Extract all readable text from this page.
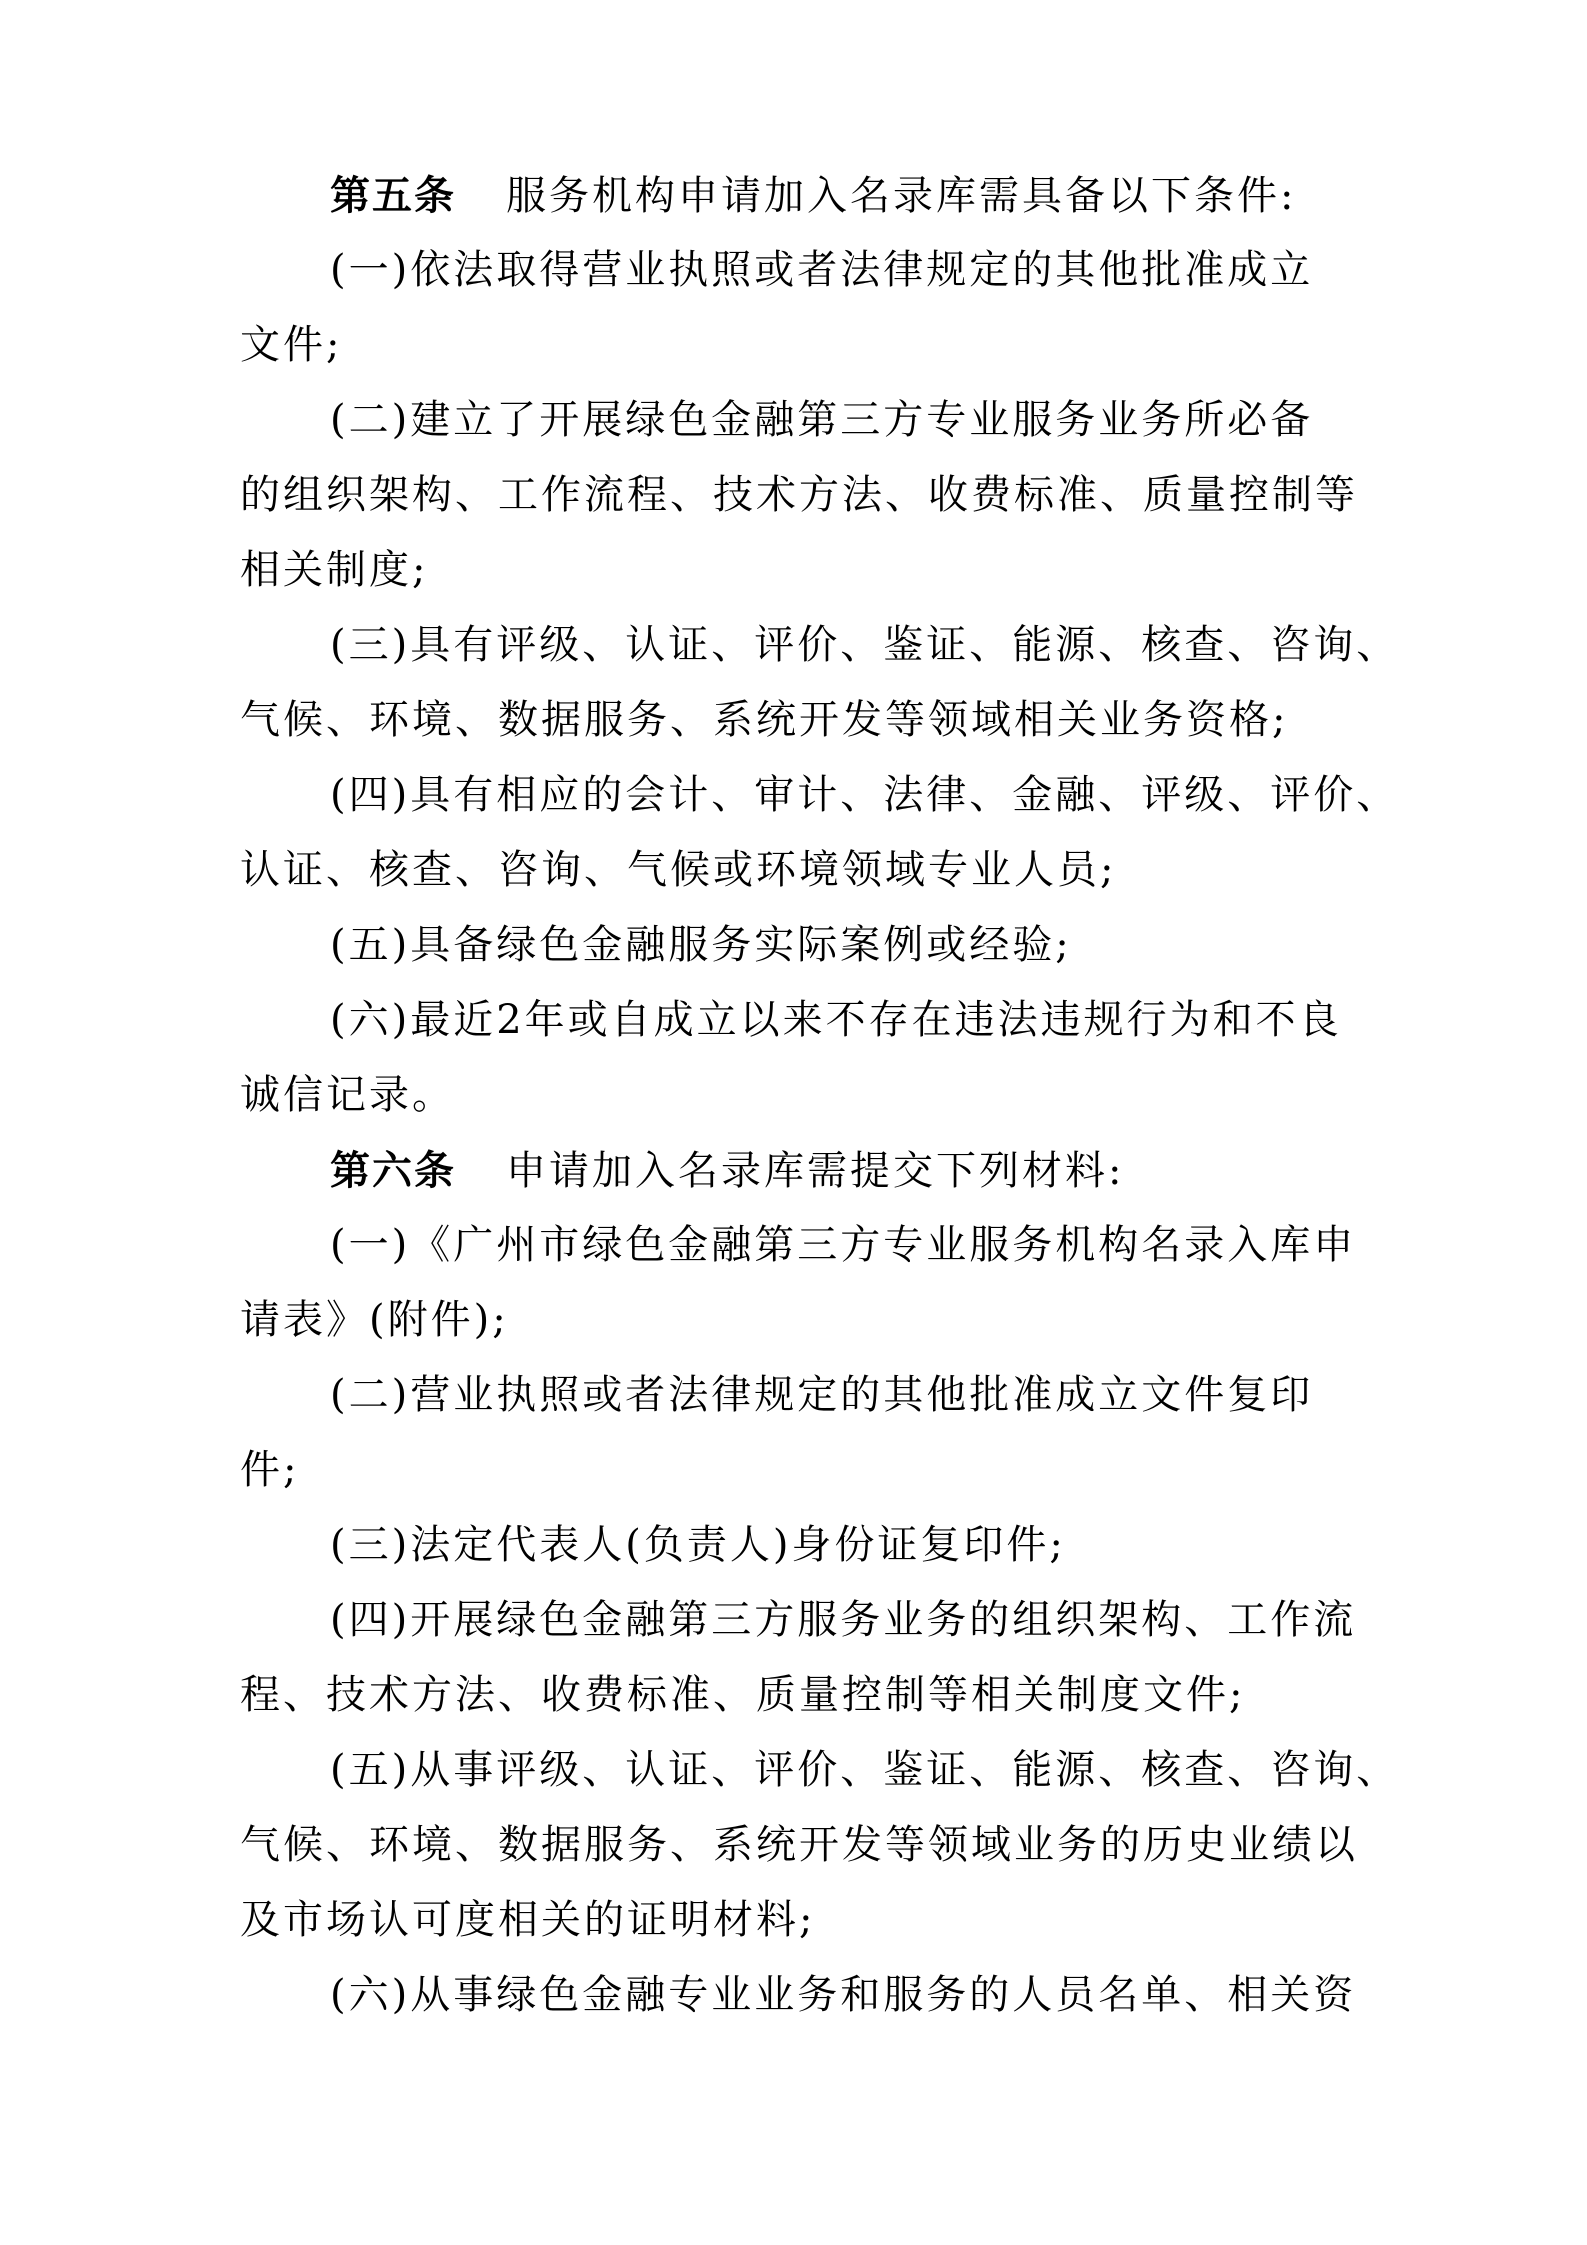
第五条 服务机构申请加入名录库需具备以下条件:
(一)依法取得营业执照或者法律规定的其他批准成立
文件;
(二)建立了开展绿色金融第三方专业服务业务所必备
的组织架构、工作流程、技术方法、收费标准、质量控制等
相关制度;
(三)具有评级、认证、评价、鉴证、能源、核查、咨询、
气候、环境、数据服务、系统开发等领域相关业务资格;
(四)具有相应的会计、审计、法律、金融、评级、评价、
认证、核查、咨询、气候或环境领域专业人员;
(五)具备绿色金融服务实际案例或经验;
(六)最近2年或自成立以来不存在违法违规行为和不良
诚信记录。
第六条 申请加入名录库需提交下列材料:
(一)《广州市绿色金融第三方专业服务机构名录入库申
请表》(附件);
(二)营业执照或者法律规定的其他批准成立文件复印
件;
(三)法定代表人(负责人)身份证复印件;
(四)开展绿色金融第三方服务业务的组织架构、工作流
程、技术方法、收费标准、质量控制等相关制度文件;
(五)从事评级、认证、评价、鉴证、能源、核查、咨询、
气候、环境、数据服务、系统开发等领域业务的历史业绩以
及市场认可度相关的证明材料;
(六)从事绿色金融专业业务和服务的人员名单、相关资
